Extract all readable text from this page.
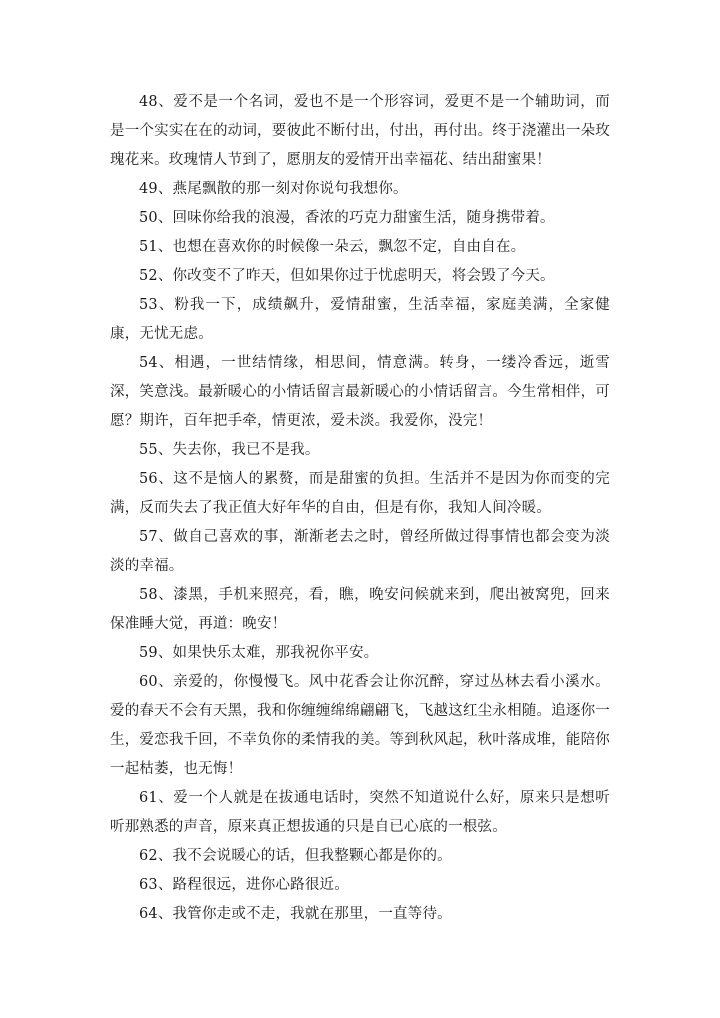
48、爱不是一个名词，爱也不是一个形容词，爱更不是一个辅助词，而是一个实实在在的动词，要彼此不断付出，付出，再付出。终于浇灌出一朵玫瑰花来。玫瑰情人节到了，愿朋友的爱情开出幸福花、结出甜蜜果！

49、燕尾飘散的那一刻对你说句我想你。

50、回味你给我的浪漫，香浓的巧克力甜蜜生活，随身携带着。

51、也想在喜欢你的时候像一朵云，飘忽不定，自由自在。

52、你改变不了昨天，但如果你过于忧虑明天，将会毁了今天。

53、粉我一下，成绩飙升，爱情甜蜜，生活幸福，家庭美满，全家健康，无忧无虑。

54、相遇，一世结情缘，相思间，情意满。转身，一缕冷香远，逝雪深，笑意浅。最新暖心的小情话留言最新暖心的小情话留言。今生常相伴，可愿？期许，百年把手牵，情更浓，爱未淡。我爱你，没完！

55、失去你，我已不是我。

56、这不是恼人的累赘，而是甜蜜的负担。生活并不是因为你而变的完满，反而失去了我正值大好年华的自由，但是有你，我知人间冷暖。

57、做自己喜欢的事，渐渐老去之时，曾经所做过得事情也都会变为淡淡的幸福。

58、漆黑，手机来照亮，看，瞧，晚安问候就来到，爬出被窝兜，回来保准睡大觉，再道：晚安！

59、如果快乐太难，那我祝你平安。

60、亲爱的，你慢慢飞。风中花香会让你沉醉，穿过丛林去看小溪水。爱的春天不会有天黑，我和你缠缠绵绵翩翩飞，飞越这红尘永相随。追逐你一生，爱恋我千回，不幸负你的柔情我的美。等到秋风起，秋叶落成堆，能陪你一起枯萎，也无悔！

61、爱一个人就是在拔通电话时，突然不知道说什么好，原来只是想听听那熟悉的声音，原来真正想拔通的只是自已心底的一根弦。

62、我不会说暖心的话，但我整颗心都是你的。

63、路程很远，进你心路很近。

64、我管你走或不走，我就在那里，一直等待。
